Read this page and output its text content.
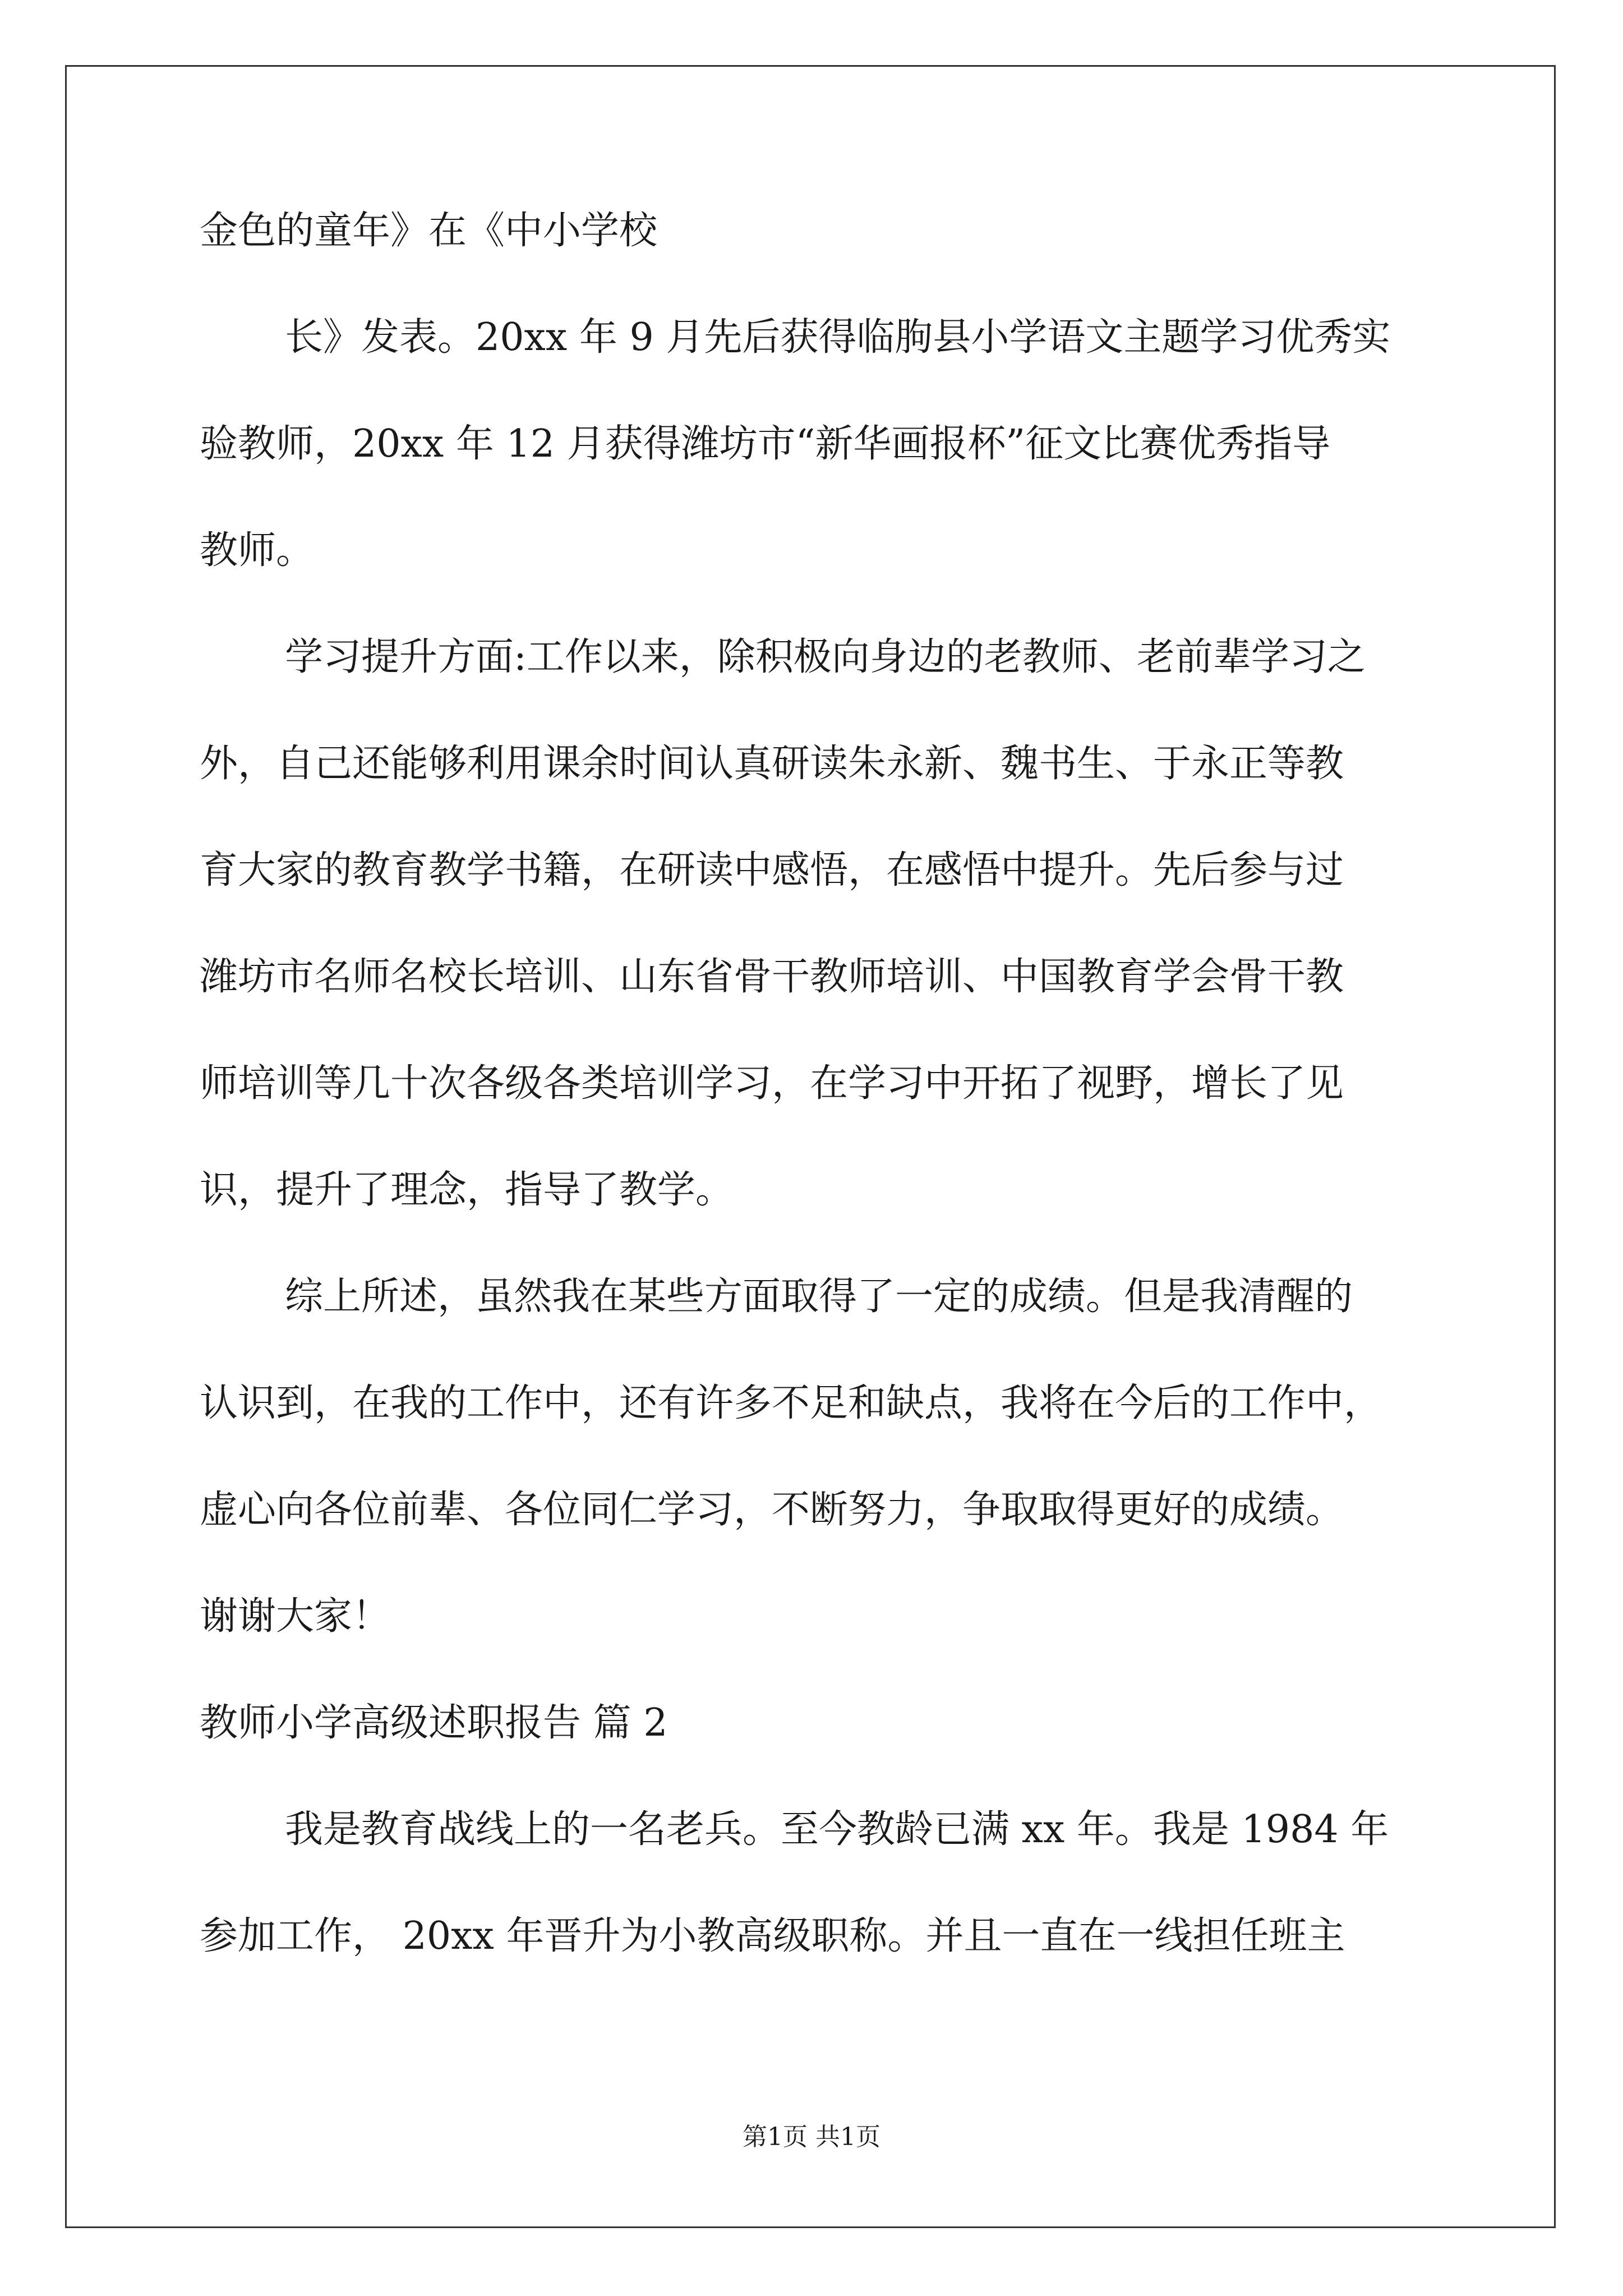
金色的童年》在《中小学校
长》发表。20xx 年 9 月先后获得临朐县小学语文主题学习优秀实
验教师，20xx 年 12 月获得潍坊市“新华画报杯”征文比赛优秀指导
教师。
学习提升方面:工作以来，除积极向身边的老教师、老前辈学习之
外，自己还能够利用课余时间认真研读朱永新、魏书生、于永正等教
育大家的教育教学书籍，在研读中感悟，在感悟中提升。先后参与过
潍坊市名师名校长培训、山东省骨干教师培训、中国教育学会骨干教
师培训等几十次各级各类培训学习，在学习中开拓了视野，增长了见
识，提升了理念，指导了教学。
综上所述，虽然我在某些方面取得了一定的成绩。但是我清醒的
认识到，在我的工作中，还有许多不足和缺点，我将在今后的工作中，
虚心向各位前辈、各位同仁学习，不断努力，争取取得更好的成绩。
谢谢大家！
教师小学高级述职报告 篇 2
我是教育战线上的一名老兵。至今教龄已满 xx 年。我是 1984 年
参加工作， 20xx 年晋升为小教高级职称。并且一直在一线担任班主
第1页 共1页
